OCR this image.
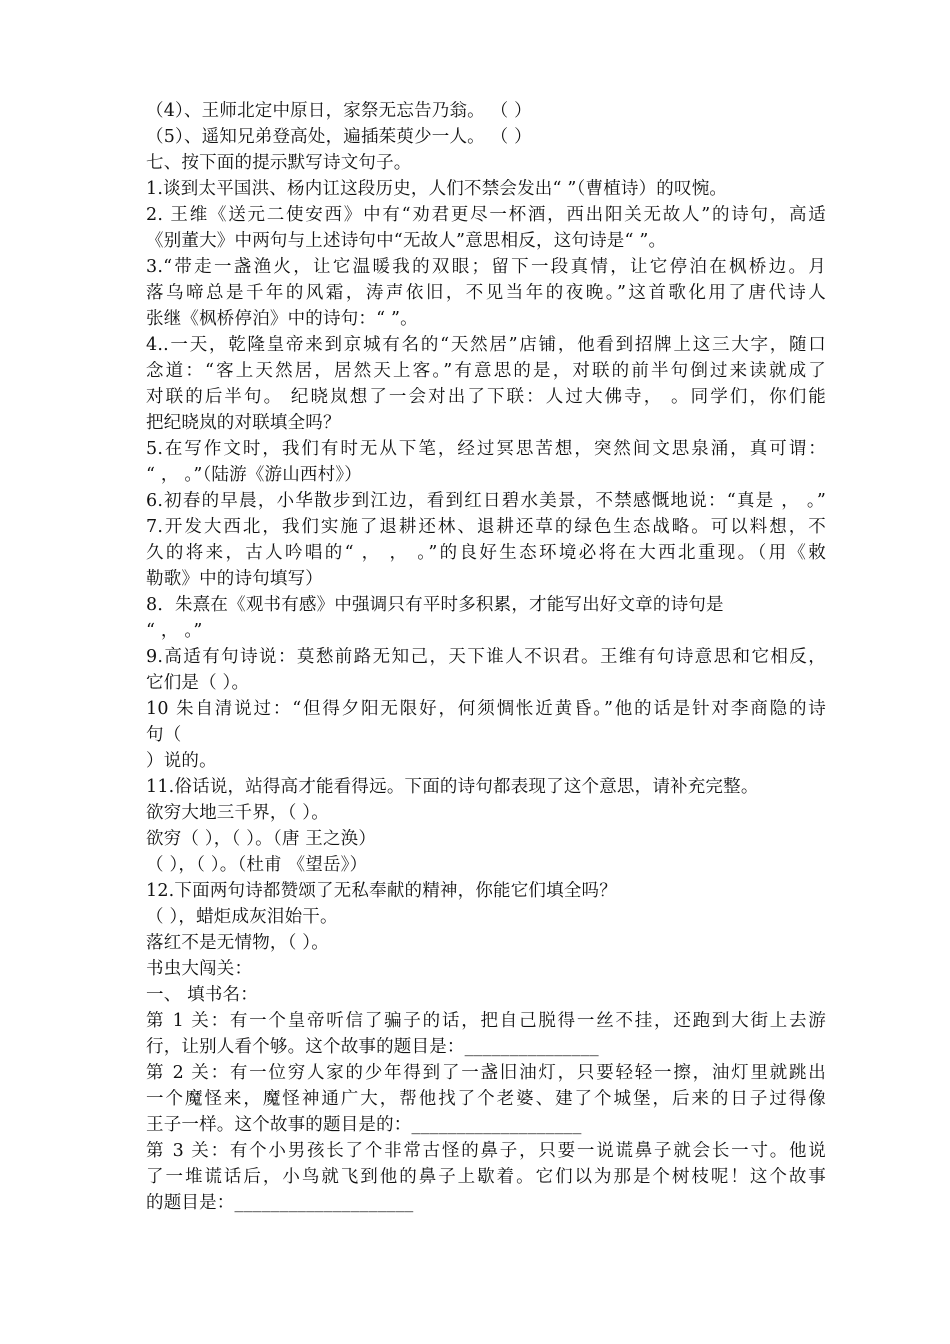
（4）、王师北定中原日，家祭无忘告乃翁。 （ ）
（5）、遥知兄弟登高处，遍插茱萸少一人。 （ ）
七、按下面的提示默写诗文句子。
1.谈到太平国洪、杨内讧这段历史，人们不禁会发出“ ”（曹植诗）的叹惋。
2. 王维《送元二使安西》中有“劝君更尽一杯酒，西出阳关无故人”的诗句，高适
《别董大》中两句与上述诗句中“无故人”意思相反，这句诗是“ ”。
3.“带走一盏渔火，让它温暖我的双眼；留下一段真情，让它停泊在枫桥边。月
落乌啼总是千年的风霜，涛声依旧，不见当年的夜晚。”这首歌化用了唐代诗人
张继《枫桥停泊》中的诗句：“ ”。
4..一天，乾隆皇帝来到京城有名的“天然居”店铺，他看到招牌上这三大字，随口
念道：“客上天然居，居然天上客。”有意思的是，对联的前半句倒过来读就成了
对联的后半句。 纪晓岚想了一会对出了下联：人过大佛寺， 。同学们，你们能
把纪晓岚的对联填全吗？
5.在写作文时，我们有时无从下笔，经过冥思苦想，突然间文思泉涌，真可谓：
“ ， 。”（陆游《游山西村》）
6.初春的早晨，小华散步到江边，看到红日碧水美景，不禁感慨地说：“真是 ， 。”
7.开发大西北，我们实施了退耕还林、退耕还草的绿色生态战略。可以料想，不
久的将来，古人吟唱的“ ， ， 。”的良好生态环境必将在大西北重现。（用《敕
勒歌》中的诗句填写）
8．朱熹在《观书有感》中强调只有平时多积累，才能写出好文章的诗句是
“ ， 。”
9.高适有句诗说：莫愁前路无知己，天下谁人不识君。王维有句诗意思和它相反，
它们是（ ）。
10 朱自清说过：“但得夕阳无限好，何须惆怅近黄昏。”他的话是针对李商隐的诗
句（
）说的。
11.俗话说，站得高才能看得远。下面的诗句都表现了这个意思，请补充完整。
欲穷大地三千界，（ ）。
欲穷（ ），（ ）。（唐 王之涣）
（ ），（ ）。（杜甫 《望岳》）
12.下面两句诗都赞颂了无私奉献的精神，你能它们填全吗？
（ ），蜡炬成灰泪始干。
落红不是无情物，（ ）。
书虫大闯关：
一、 填书名：
第 1 关：有一个皇帝听信了骗子的话，把自己脱得一丝不挂，还跑到大街上去游
行，让别人看个够。这个故事的题目是：_______________
第 2 关：有一位穷人家的少年得到了一盏旧油灯，只要轻轻一擦，油灯里就跳出
一个魔怪来，魔怪神通广大，帮他找了个老婆、建了个城堡，后来的日子过得像
王子一样。这个故事的题目是的：___________________
第 3 关：有个小男孩长了个非常古怪的鼻子，只要一说谎鼻子就会长一寸。他说
了一堆谎话后，小鸟就飞到他的鼻子上歇着。它们以为那是个树枝呢！这个故事
的题目是：____________________
